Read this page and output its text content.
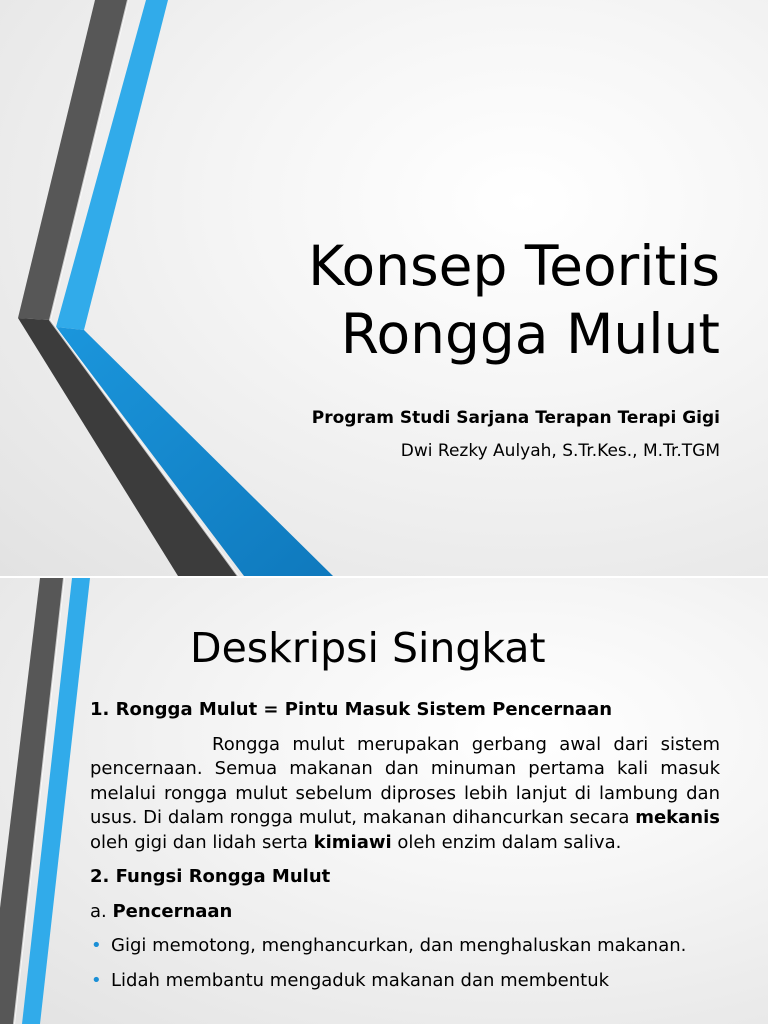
Konsep Teoritis
Rongga Mulut
Program Studi Sarjana Terapan Terapi Gigi
Dwi Rezky Aulyah, S.Tr.Kes., M.Tr.TGM
Deskripsi Singkat
1. Rongga Mulut = Pintu Masuk Sistem Pencernaan
Rongga mulut merupakan gerbang awal dari sistem pencernaan. Semua makanan dan minuman pertama kali masuk melalui rongga mulut sebelum diproses lebih lanjut di lambung dan usus. Di dalam rongga mulut, makanan dihancurkan secara mekanis oleh gigi dan lidah serta kimiawi oleh enzim dalam saliva.
2. Fungsi Rongga Mulut
a. Pencernaan
• Gigi memotong, menghancurkan, dan menghaluskan makanan.
• Lidah membantu mengaduk makanan dan membentuk
